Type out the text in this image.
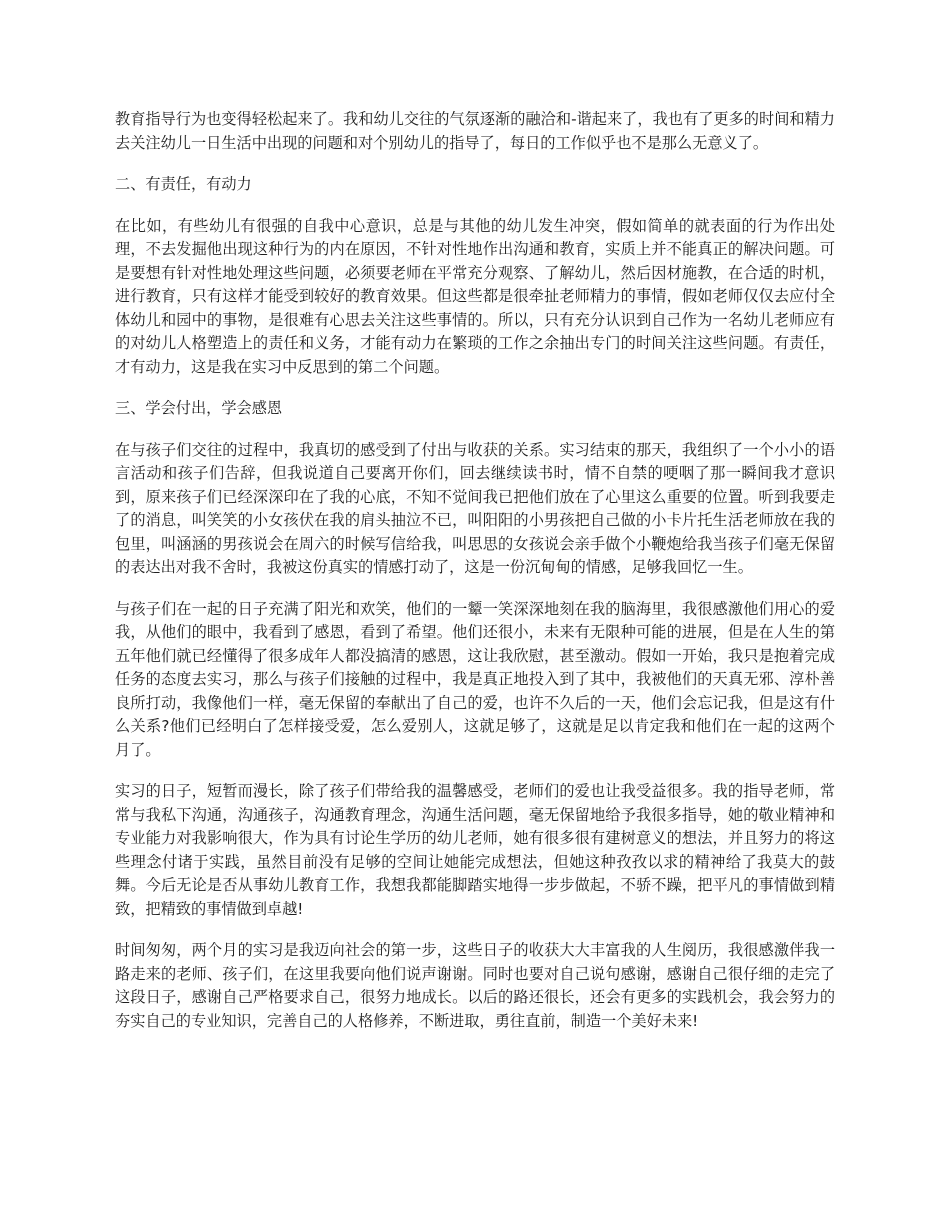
教育指导行为也变得轻松起来了。我和幼儿交往的气氛逐渐的融洽和-谐起来了，我也有了更多的时间和精力去关注幼儿一日生活中出现的问题和对个别幼儿的指导了，每日的工作似乎也不是那么无意义了。

二、有责任，有动力

在比如，有些幼儿有很强的自我中心意识，总是与其他的幼儿发生冲突，假如简单的就表面的行为作出处理，不去发掘他出现这种行为的内在原因，不针对性地作出沟通和教育，实质上并不能真正的解决问题。可是要想有针对性地处理这些问题，必须要老师在平常充分观察、了解幼儿，然后因材施教，在合适的时机，进行教育，只有这样才能受到较好的教育效果。但这些都是很牵扯老师精力的事情，假如老师仅仅去应付全体幼儿和园中的事物，是很难有心思去关注这些事情的。所以，只有充分认识到自己作为一名幼儿老师应有的对幼儿人格塑造上的责任和义务，才能有动力在繁琐的工作之余抽出专门的时间关注这些问题。有责任，才有动力，这是我在实习中反思到的第二个问题。

三、学会付出，学会感恩

在与孩子们交往的过程中，我真切的感受到了付出与收获的关系。实习结束的那天，我组织了一个小小的语言活动和孩子们告辞，但我说道自己要离开你们，回去继续读书时，情不自禁的哽咽了那一瞬间我才意识到，原来孩子们已经深深印在了我的心底，不知不觉间我已把他们放在了心里这么重要的位置。听到我要走了的消息，叫笑笑的小女孩伏在我的肩头抽泣不已，叫阳阳的小男孩把自己做的小卡片托生活老师放在我的包里，叫涵涵的男孩说会在周六的时候写信给我，叫思思的女孩说会亲手做个小鞭炮给我当孩子们毫无保留的表达出对我不舍时，我被这份真实的情感打动了，这是一份沉甸甸的情感，足够我回忆一生。

与孩子们在一起的日子充满了阳光和欢笑，他们的一颦一笑深深地刻在我的脑海里，我很感激他们用心的爱我，从他们的眼中，我看到了感恩，看到了希望。他们还很小，未来有无限种可能的进展，但是在人生的第五年他们就已经懂得了很多成年人都没搞清的感恩，这让我欣慰，甚至激动。假如一开始，我只是抱着完成任务的态度去实习，那么与孩子们接触的过程中，我是真正地投入到了其中，我被他们的天真无邪、淳朴善良所打动，我像他们一样，毫无保留的奉献出了自己的爱，也许不久后的一天，他们会忘记我，但是这有什么关系?他们已经明白了怎样接受爱，怎么爱别人，这就足够了，这就是足以肯定我和他们在一起的这两个月了。

实习的日子，短暂而漫长，除了孩子们带给我的温馨感受，老师们的爱也让我受益很多。我的指导老师，常常与我私下沟通，沟通孩子，沟通教育理念，沟通生活问题，毫无保留地给予我很多指导，她的敬业精神和专业能力对我影响很大，作为具有讨论生学历的幼儿老师，她有很多很有建树意义的想法，并且努力的将这些理念付诸于实践，虽然目前没有足够的空间让她能完成想法，但她这种孜孜以求的精神给了我莫大的鼓舞。今后无论是否从事幼儿教育工作，我想我都能脚踏实地得一步步做起，不骄不躁，把平凡的事情做到精致，把精致的事情做到卓越!

时间匆匆，两个月的实习是我迈向社会的第一步，这些日子的收获大大丰富我的人生阅历，我很感激伴我一路走来的老师、孩子们，在这里我要向他们说声谢谢。同时也要对自己说句感谢，感谢自己很仔细的走完了这段日子，感谢自己严格要求自己，很努力地成长。以后的路还很长，还会有更多的实践机会，我会努力的夯实自己的专业知识，完善自己的人格修养，不断进取，勇往直前，制造一个美好未来!
